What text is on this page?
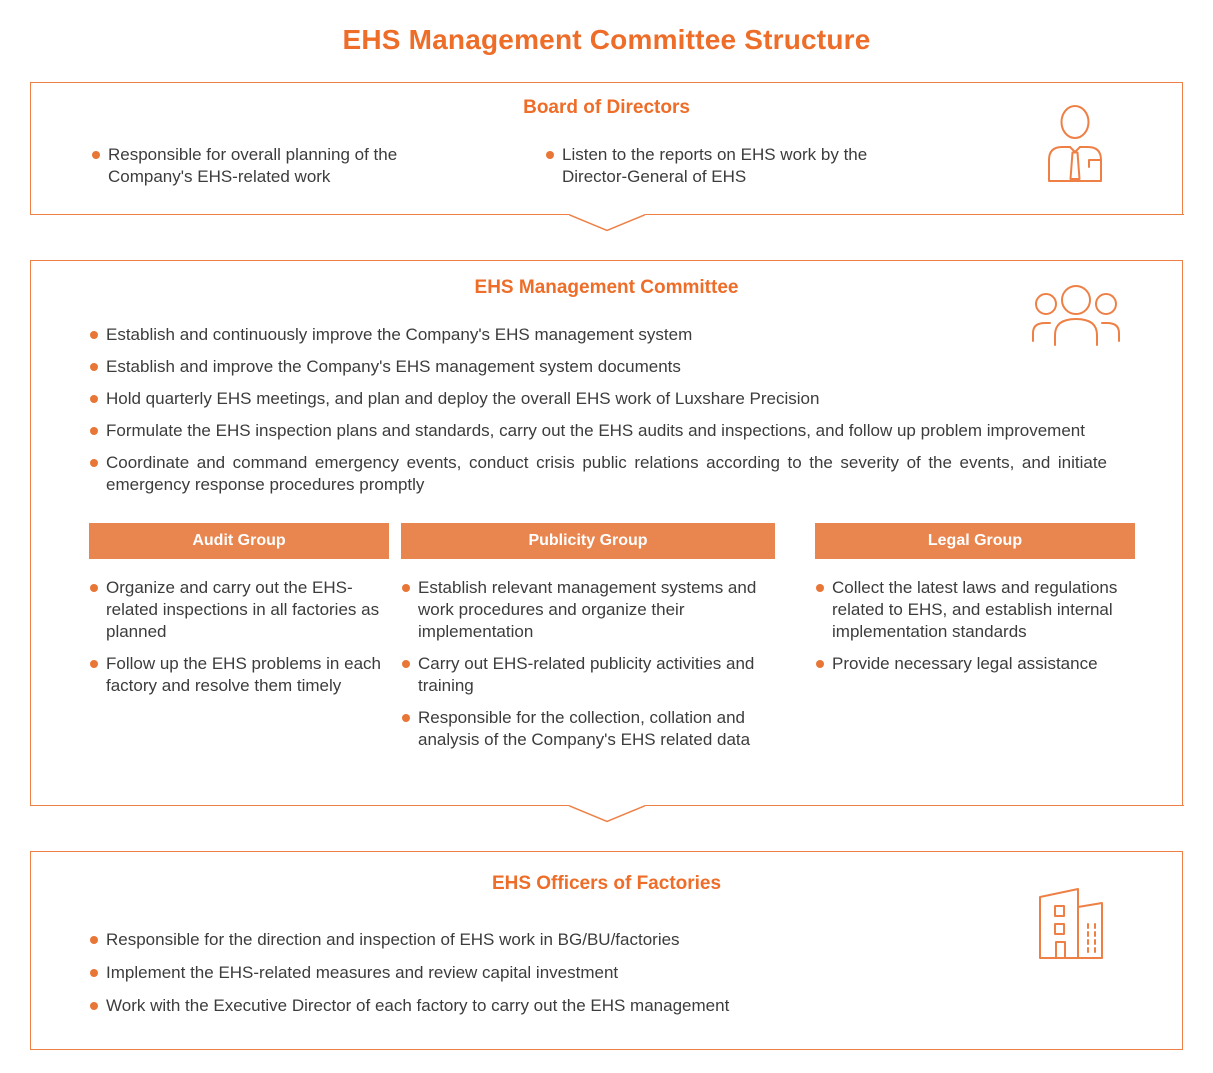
EHS Management Committee Structure
Board of Directors
Responsible for overall planning of the Company's EHS-related work
Listen to the reports on EHS work by the Director-General of EHS
EHS Management Committee
Establish and continuously improve the Company's EHS management system
Establish and improve the Company's EHS management system documents
Hold quarterly EHS meetings, and plan and deploy the overall EHS work of Luxshare Precision
Formulate the EHS inspection plans and standards, carry out the EHS audits and inspections, and follow up problem improvement
Coordinate and command emergency events, conduct crisis public relations according to the severity of the events, and initiate emergency response procedures promptly
Audit Group
Organize and carry out the EHS-related inspections in all factories as planned
Follow up the EHS problems in each factory and resolve them timely
Publicity Group
Establish relevant management systems and work procedures and organize their implementation
Carry out EHS-related publicity activities and training
Responsible for the collection, collation and analysis of the Company's EHS related data
Legal Group
Collect the latest laws and regulations related to EHS, and establish internal implementation standards
Provide necessary legal assistance
EHS Officers of Factories
Responsible for the direction and inspection of EHS work in BG/BU/factories
Implement the EHS-related measures and review capital investment
Work with the Executive Director of each factory to carry out the EHS management
